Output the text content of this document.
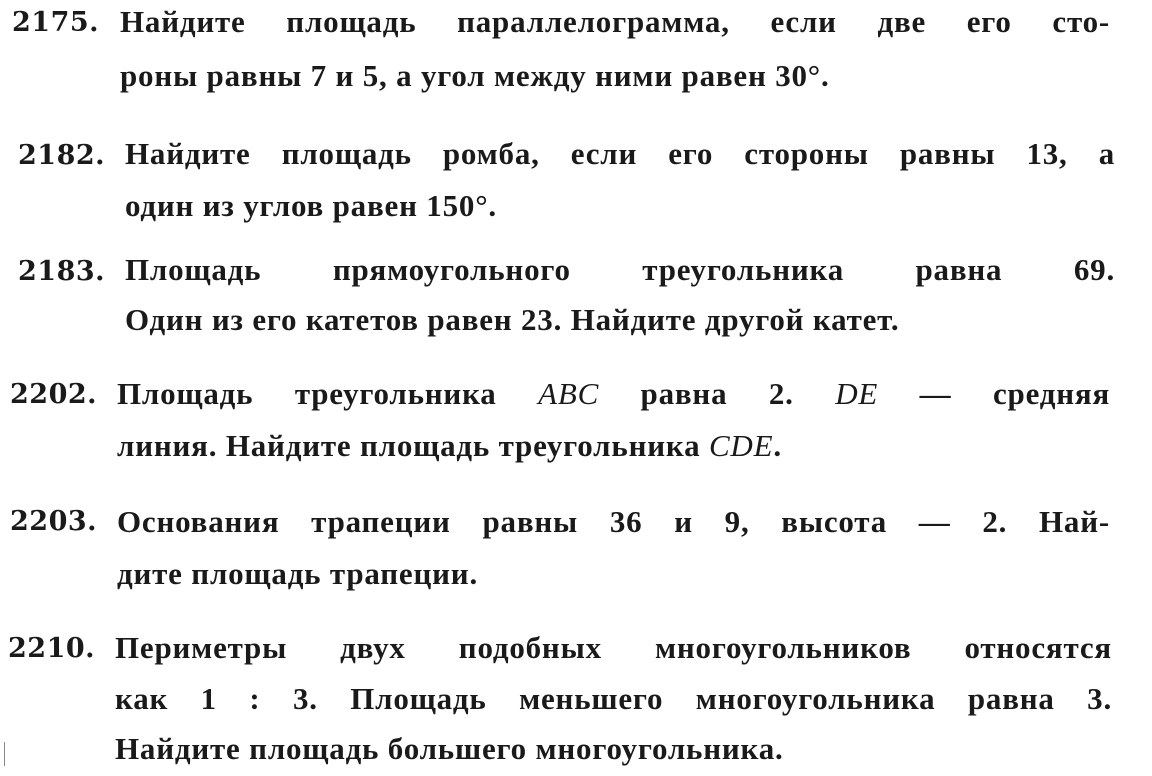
2175. Найдите площадь параллелограмма, если две его сто-
роны равны 7 и 5, а угол между ними равен 30°.
2182. Найдите площадь ромба, если его стороны равны 13, а
один из углов равен 150°.
2183. Площадь прямоугольного треугольника равна 69.
Один из его катетов равен 23. Найдите другой катет.
2202. Площадь треугольника ABC равна 2. DE — средняя
линия. Найдите площадь треугольника CDE.
2203. Основания трапеции равны 36 и 9, высота — 2. Най-
дите площадь трапеции.
2210. Периметры двух подобных многоугольников относятся
как 1 : 3. Площадь меньшего многоугольника равна 3.
Найдите площадь большего многоугольника.
